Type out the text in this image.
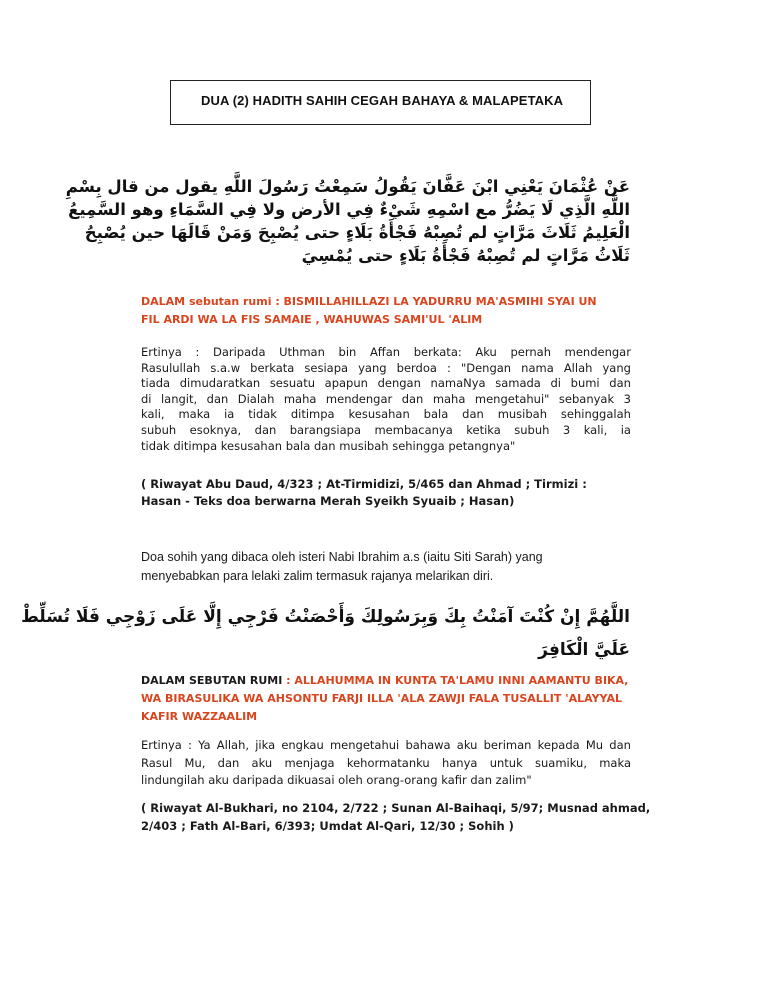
DUA (2) HADITH SAHIH CEGAH BAHAYA & MALAPETAKA
عَنْ عُثْمَانَ يَعْنِي ابْنَ عَفَّانَ يَقُولُ سَمِعْتُ رَسُولَ اللَّهِ يقول من قال بِسْمِ
اللَّهِ الَّذِي لَا يَضُرُّ مع اسْمِهِ شَيْءٌ فِي الأرض ولا فِي السَّمَاءِ وهو السَّمِيعُ
الْعَلِيمُ ثَلَاثَ مَرَّاتٍ لم تُصِبْهُ فَجْأَةُ بَلَاءٍ حتى يُصْبِحَ وَمَنْ قَالَهَا حين يُصْبِحُ
ثَلَاثُ مَرَّاتٍ لم تُصِبْهُ فَجْأَةُ بَلَاءٍ حتى يُمْسِيَ
DALAM sebutan rumi : BISMILLAHILLAZI LA YADURRU MA'ASMIHI SYAI UN
FIL ARDI WA LA FIS SAMAIE , WAHUWAS SAMI'UL 'ALIM
Ertinya : Daripada Uthman bin Affan berkata: Aku pernah mendengar
Rasulullah s.a.w berkata sesiapa yang berdoa : "Dengan nama Allah yang
tiada dimudaratkan sesuatu apapun dengan namaNya samada di bumi dan
di langit, dan Dialah maha mendengar dan maha mengetahui" sebanyak 3
kali, maka ia tidak ditimpa kesusahan bala dan musibah sehinggalah
subuh esoknya, dan barangsiapa membacanya ketika subuh 3 kali, ia
tidak ditimpa kesusahan bala dan musibah sehingga petangnya"
( Riwayat Abu Daud, 4/323 ; At-Tirmidizi, 5/465 dan Ahmad ; Tirmizi :
Hasan - Teks doa berwarna Merah Syeikh Syuaib ; Hasan)
Doa sohih yang dibaca oleh isteri Nabi Ibrahim a.s (iaitu Siti Sarah) yang
menyebabkan para lelaki zalim termasuk rajanya melarikan diri.
اللَّهُمَّ إِنْ كُنْتَ آمَنْتُ بِكَ وَبِرَسُولِكَ وَأَحْصَنْتُ فَرْجِي إِلَّا عَلَى زَوْجِي فَلَا تُسَلِّطْ
عَلَيَّ الْكَافِرَ
DALAM SEBUTAN RUMI : ALLAHUMMA IN KUNTA TA'LAMU INNI AAMANTU BIKA,
WA BIRASULIKA WA AHSONTU FARJI ILLA 'ALA ZAWJI FALA TUSALLIT 'ALAYYAL
KAFIR WAZZAALIM
Ertinya : Ya Allah, jika engkau mengetahui bahawa aku beriman kepada Mu dan
Rasul Mu, dan aku menjaga kehormatanku hanya untuk suamiku, maka
lindungilah aku daripada dikuasai oleh orang-orang kafir dan zalim"
( Riwayat Al-Bukhari, no 2104, 2/722 ; Sunan Al-Baihaqi, 5/97; Musnad ahmad,
2/403 ; Fath Al-Bari, 6/393; Umdat Al-Qari, 12/30 ; Sohih )
